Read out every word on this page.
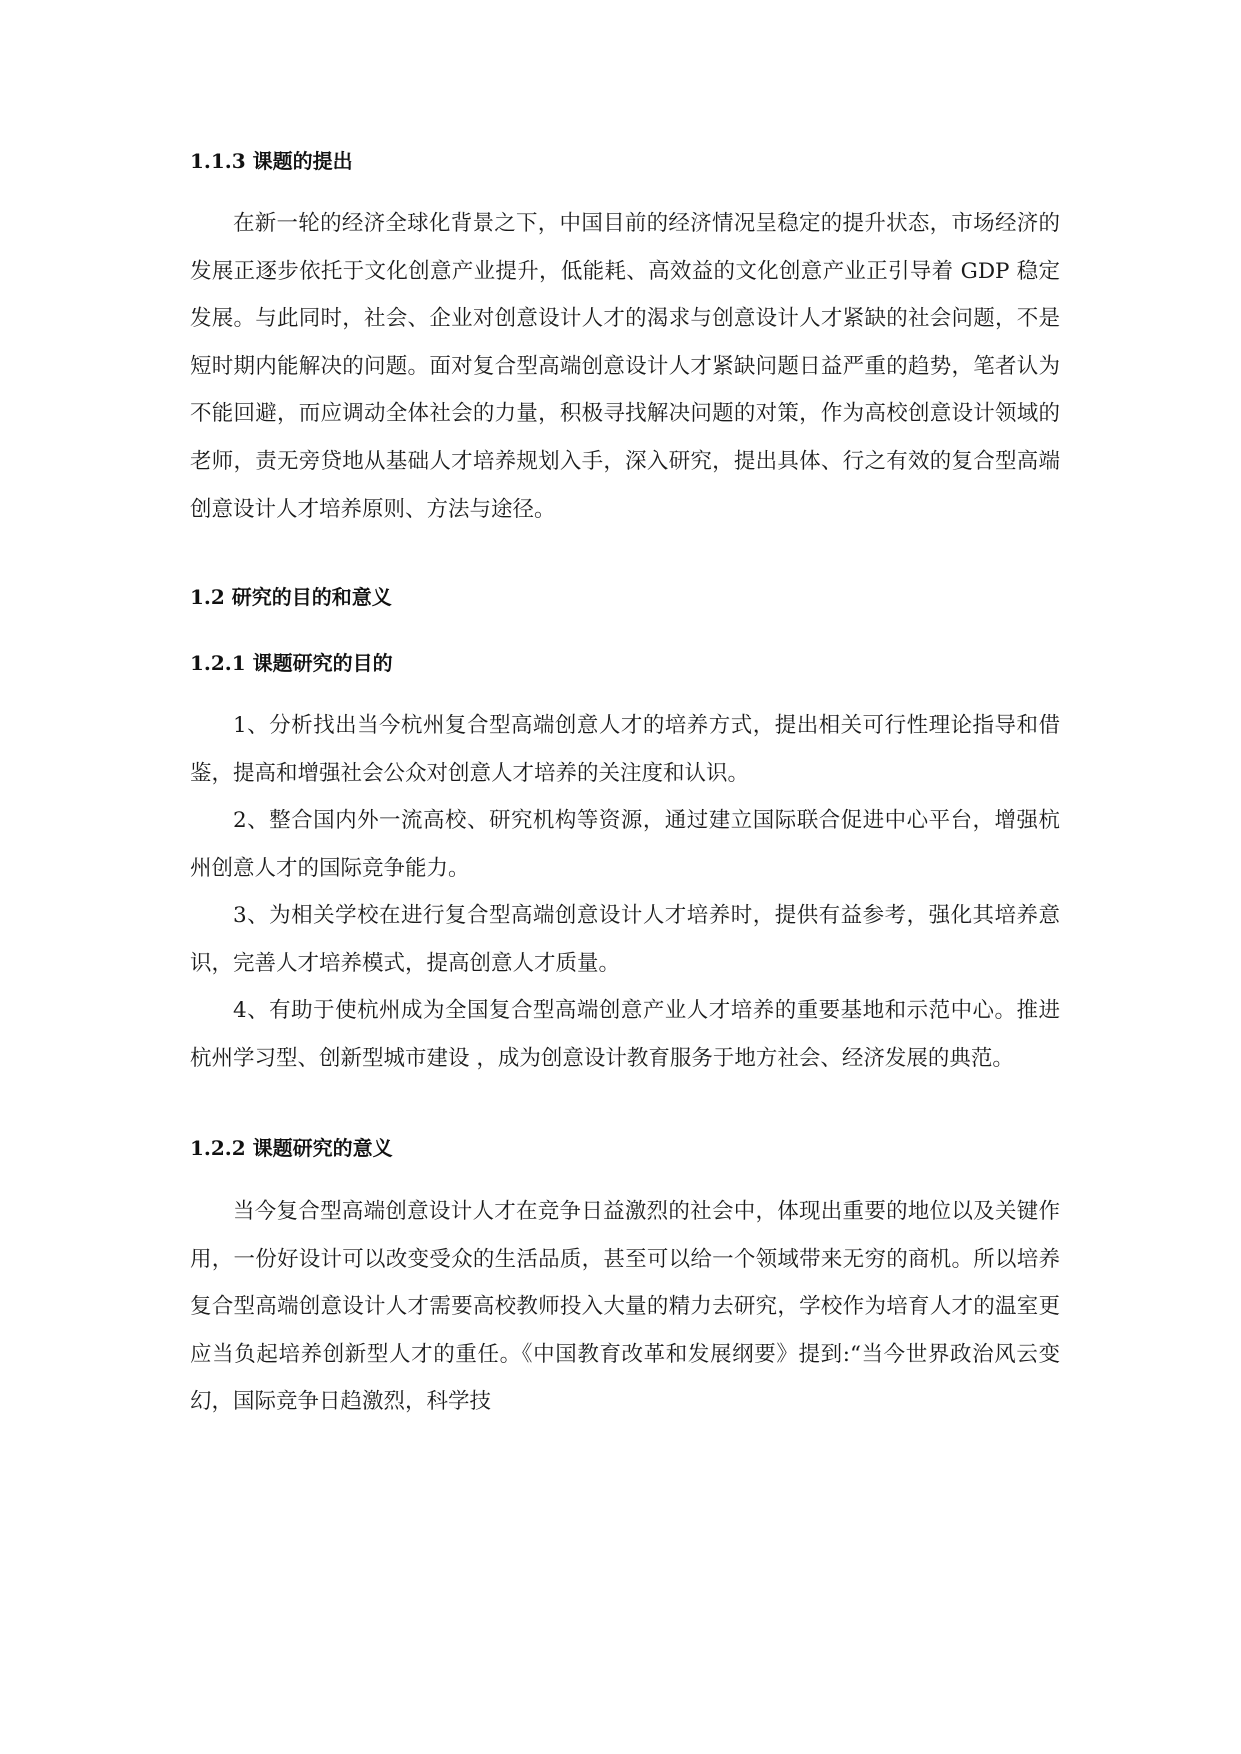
1.1.3 课题的提出
在新一轮的经济全球化背景之下，中国目前的经济情况呈稳定的提升状态，市场经济的发展正逐步依托于文化创意产业提升，低能耗、高效益的文化创意产业正引导着 GDP 稳定发展。与此同时，社会、企业对创意设计人才的渴求与创意设计人才紧缺的社会问题，不是短时期内能解决的问题。面对复合型高端创意设计人才紧缺问题日益严重的趋势，笔者认为不能回避，而应调动全体社会的力量，积极寻找解决问题的对策，作为高校创意设计领域的老师，责无旁贷地从基础人才培养规划入手，深入研究，提出具体、行之有效的复合型高端创意设计人才培养原则、方法与途径。
1.2 研究的目的和意义
1.2.1 课题研究的目的
1、分析找出当今杭州复合型高端创意人才的培养方式，提出相关可行性理论指导和借鉴，提高和增强社会公众对创意人才培养的关注度和认识。
2、整合国内外一流高校、研究机构等资源，通过建立国际联合促进中心平台，增强杭州创意人才的国际竞争能力。
3、为相关学校在进行复合型高端创意设计人才培养时，提供有益参考，强化其培养意识，完善人才培养模式，提高创意人才质量。
4、有助于使杭州成为全国复合型高端创意产业人才培养的重要基地和示范中心。推进杭州学习型、创新型城市建设 ，成为创意设计教育服务于地方社会、经济发展的典范。
1.2.2 课题研究的意义
当今复合型高端创意设计人才在竞争日益激烈的社会中，体现出重要的地位以及关键作用，一份好设计可以改变受众的生活品质，甚至可以给一个领域带来无穷的商机。所以培养复合型高端创意设计人才需要高校教师投入大量的精力去研究，学校作为培育人才的温室更应当负起培养创新型人才的重任。《中国教育改革和发展纲要》提到:“当今世界政治风云变幻，国际竞争日趋激烈，科学技
